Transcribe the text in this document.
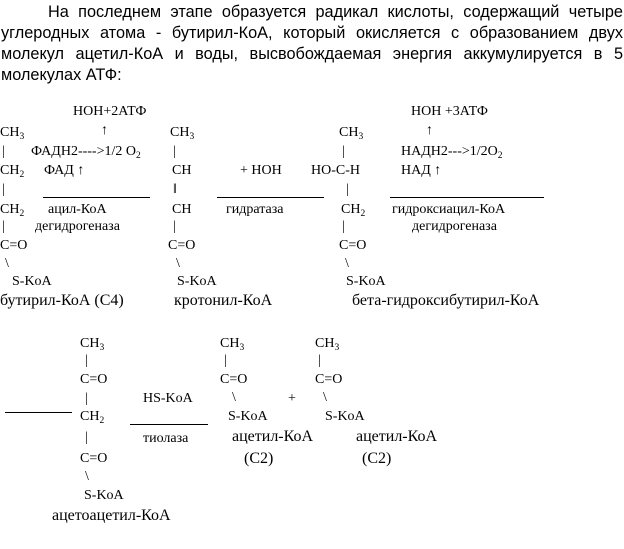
На последнем этапе образуется радикал кислоты, содержащий четыре
углеродных атома - бутирил-КоА, который окисляется с образованием двух
молекул ацетил-КоА и воды, высвобождаемая энергия аккумулируется в 5
молекулах АТФ:
НОН+2АТФ	НОН +3АТФ
$CH_3$	↑	$CH_3$	$CH_3$	↑
| ФАДН2---->1/2 $O_2$ |	|	$НАДН2--->1/2O_2$
$CH_2$ ФАД ↑	CH	+ НОН НО-С-Н	НАД ↑
|	‖	|
$CH_2$ ацил-КоА	CH гидратаза	$CH_2$ гидроксиацил-КоА
| дегидрогеназа	|	|	дегидрогеназа
C=O	C=O	C=O
\	\	\
S-KoA	S-KoA	S-KoA
бутирил-КоА (С4)	кротонил-КоА	бета-гидроксибутирил-КоА
$CH_3$	$CH_3$	$CH_3$
|	|	|
C=O	C=O	C=O
|	HS-KoA	\	+ \
$CH_2$	S-KoA	S-KoA
|	тиолаза	ацетил-КоА	ацетил-КоА
C=O	(С2)	(С2)
\
S-KoA
ацетоацетил-КоА
